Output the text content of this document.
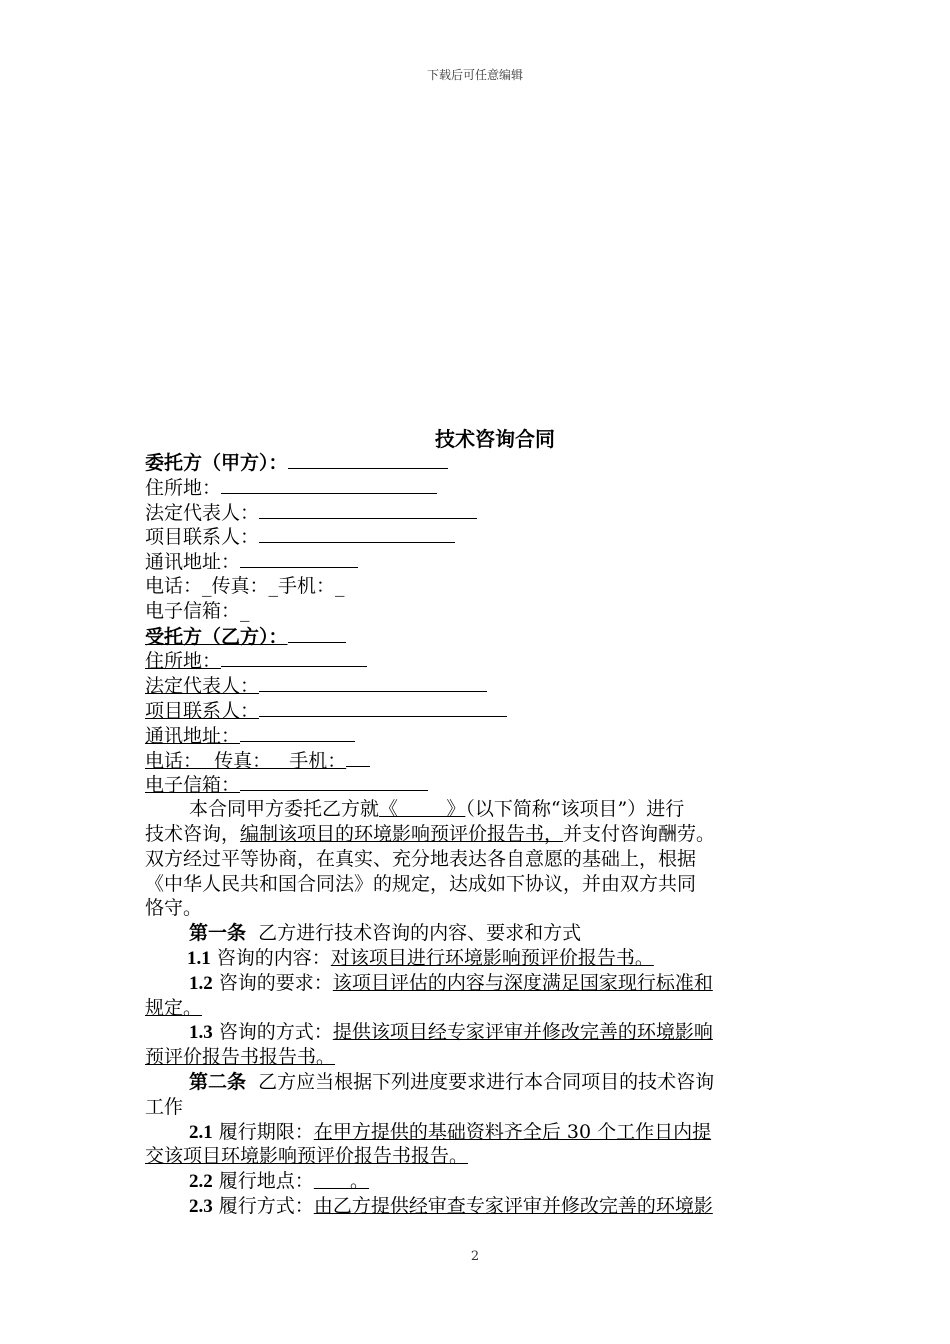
下载后可任意编辑
技术咨询合同
委托方（甲方）：
住所地：
法定代表人：
项目联系人：
通讯地址：
电话：_传真：_手机：_
电子信箱：_
受托方（乙方）：
住所地：
法定代表人：
项目联系人：
通讯地址：
电话：  传真：   手机：
电子信箱：
本合同甲方委托乙方就《        》（以下简称“该项目”）进行
技术咨询，编制该项目的环境影响预评价报告书，并支付咨询酬劳。
双方经过平等协商，在真实、充分地表达各自意愿的基础上，根据
《中华人民共和国合同法》的规定，达成如下协议，并由双方共同
恪守。
第一条 乙方进行技术咨询的内容、要求和方式
1.1 咨询的内容：对该项目进行环境影响预评价报告书。
1.2 咨询的要求：该项目评估的内容与深度满足国家现行标准和
规定。
1.3 咨询的方式：提供该项目经专家评审并修改完善的环境影响
预评价报告书报告书。
第二条 乙方应当根据下列进度要求进行本合同项目的技术咨询
工作
2.1 履行期限：在甲方提供的基础资料齐全后 30 个工作日内提
交该项目环境影响预评价报告书报告。
2.2 履行地点：      。
2.3 履行方式：由乙方提供经审查专家评审并修改完善的环境影
2
